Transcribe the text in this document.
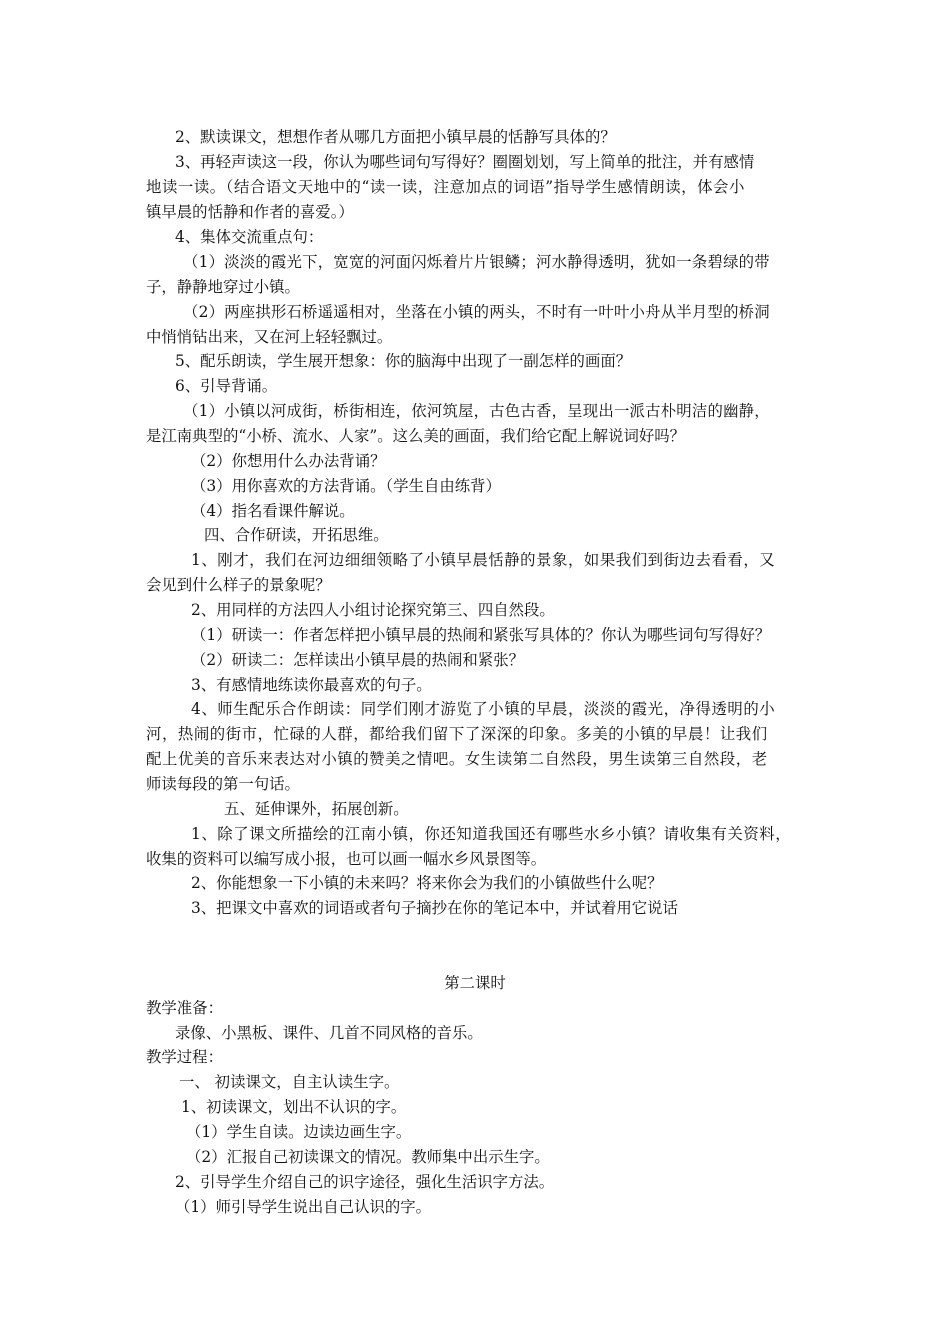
2、默读课文，想想作者从哪几方面把小镇早晨的恬静写具体的？

3、再轻声读这一段，你认为哪些词句写得好？圈圈划划，写上简单的批注，并有感情

地读一读。（结合语文天地中的“读一读，注意加点的词语”指导学生感情朗读，体会小

镇早晨的恬静和作者的喜爱。）

4、集体交流重点句：

（1）淡淡的霞光下，宽宽的河面闪烁着片片银鳞；河水静得透明，犹如一条碧绿的带

子，静静地穿过小镇。

（2）两座拱形石桥遥遥相对，坐落在小镇的两头，不时有一叶叶小舟从半月型的桥洞

中悄悄钻出来，又在河上轻轻飘过。

5、配乐朗读，学生展开想象：你的脑海中出现了一副怎样的画面？

6、引导背诵。

（1）小镇以河成街，桥街相连，依河筑屋，古色古香，呈现出一派古朴明洁的幽静，

是江南典型的“小桥、流水、人家”。这么美的画面，我们给它配上解说词好吗？

（2）你想用什么办法背诵？

（3）用你喜欢的方法背诵。（学生自由练背）

（4）指名看课件解说。

四、合作研读，开拓思维。

1、刚才，我们在河边细细领略了小镇早晨恬静的景象，如果我们到街边去看看，又

会见到什么样子的景象呢？

2、用同样的方法四人小组讨论探究第三、四自然段。

（1）研读一：作者怎样把小镇早晨的热闹和紧张写具体的？你认为哪些词句写得好？

（2）研读二：怎样读出小镇早晨的热闹和紧张？

3、有感情地练读你最喜欢的句子。

4、师生配乐合作朗读：同学们刚才游览了小镇的早晨，淡淡的霞光，净得透明的小

河，热闹的街市，忙碌的人群，都给我们留下了深深的印象。多美的小镇的早晨！让我们

配上优美的音乐来表达对小镇的赞美之情吧。女生读第二自然段，男生读第三自然段，老

师读每段的第一句话。

五、延伸课外，拓展创新。

1、除了课文所描绘的江南小镇，你还知道我国还有哪些水乡小镇？请收集有关资料，

收集的资料可以编写成小报，也可以画一幅水乡风景图等。

2、你能想象一下小镇的未来吗？将来你会为我们的小镇做些什么呢？

3、把课文中喜欢的词语或者句子摘抄在你的笔记本中，并试着用它说话

第二课时

教学准备：

录像、小黑板、课件、几首不同风格的音乐。

教学过程：

一、 初读课文，自主认读生字。

1、初读课文，划出不认识的字。

（1）学生自读。边读边画生字。

（2）汇报自己初读课文的情况。教师集中出示生字。

2、引导学生介绍自己的识字途径，强化生活识字方法。

（1）师引导学生说出自己认识的字。
